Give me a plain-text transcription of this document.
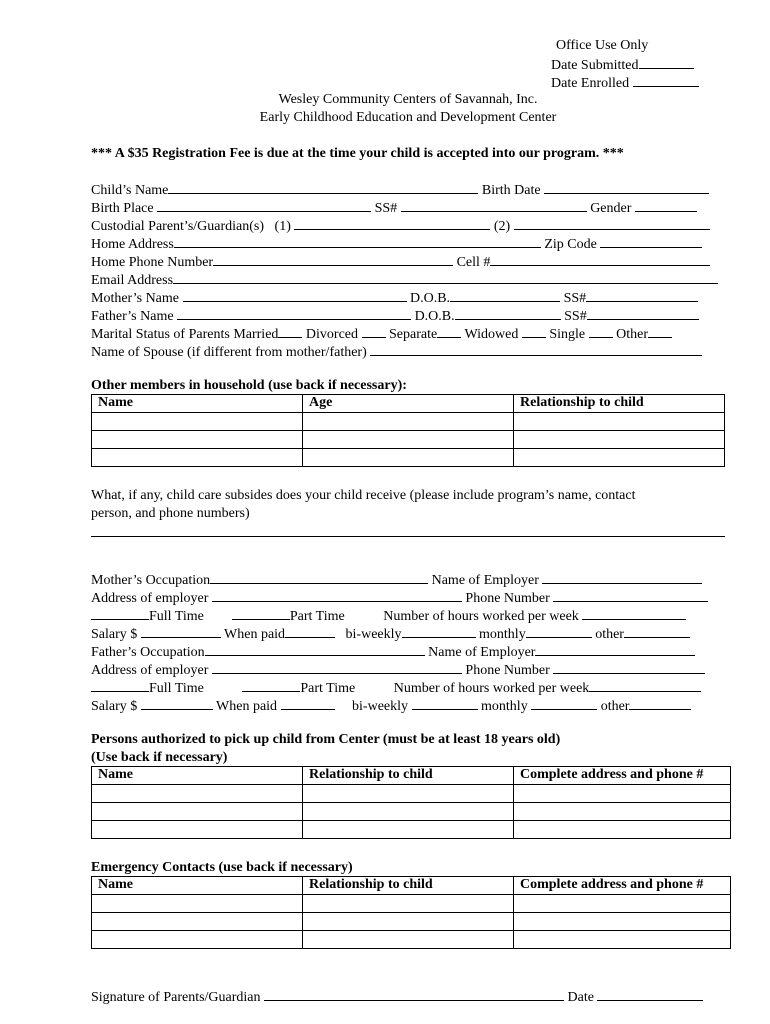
Office Use Only
Date Submitted
Date Enrolled
Wesley Community Centers of Savannah, Inc.
Early Childhood Education and Development Center
*** A $35 Registration Fee is due at the time your child is accepted into our program. ***
Child’s Name	Birth Date
Birth Place	SS#	Gender
Custodial Parent’s/Guardian(s) (1)	(2)
Home Address	Zip Code
Home Phone Number	Cell #
Email Address
Mother’s Name	D.O.B.	SS#
Father’s Name	D.O.B.	SS#
Marital Status of Parents Married Divorced Separate Widowed Single Other
Name of Spouse (if different from mother/father)
Other members in household (use back if necessary):
Name	Age	Relationship to child

What, if any, child care subsides does your child receive (please include program’s name, contact
person, and phone numbers)
Mother’s Occupation	Name of Employer
Address of employer	Phone Number
Full Time	Part Time	Number of hours worked per week
Salary $	When paid	bi-weekly	monthly	other
Father’s Occupation	Name of Employer
Address of employer	Phone Number
Full Time	Part Time	Number of hours worked per week
Salary $	When paid	bi-weekly	monthly	other
Persons authorized to pick up child from Center (must be at least 18 years old)
(Use back if necessary)
Name	Relationship to child	Complete address and phone #

Emergency Contacts (use back if necessary)
Name	Relationship to child	Complete address and phone #

Signature of Parents/Guardian	Date
